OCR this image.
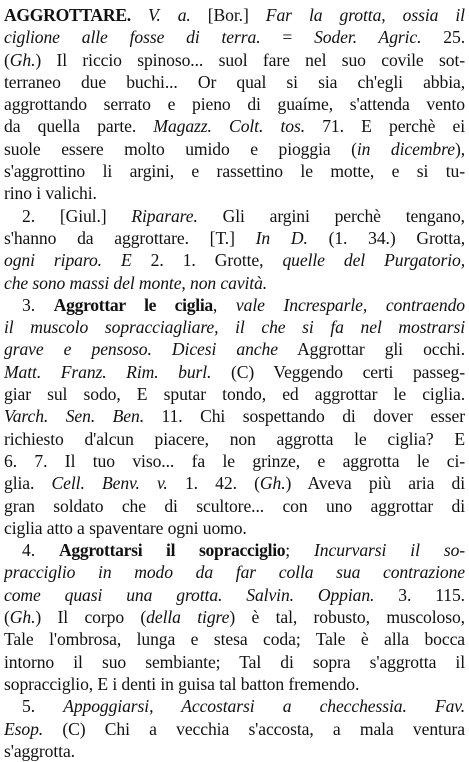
AGGROTTARE. V. a. [Bor.] Far la grotta, ossia il
ciglione alle fosse di terra. = Soder. Agric. 25.
(Gh.) Il riccio spinoso... suol fare nel suo covile sot-
terraneo due buchi... Or qual si sia ch'egli abbia,
aggrottando serrato e pieno di guaíme, s'attenda vento
da quella parte. Magazz. Colt. tos. 71. E perchè ei
suole essere molto umido e pioggia (in dicembre),
s'aggrottino li argini, e rassettino le motte, e si tu-
rino i valichi.
2. [Giul.] Riparare. Gli argini perchè tengano,
s'hanno da aggrottare. [T.] In D. (1. 34.) Grotta,
ogni riparo. E 2. 1. Grotte, quelle del Purgatorio,
che sono massi del monte, non cavità.
3. Aggrottar le ciglia, vale Incresparle, contraendo
il muscolo sopracciagliare, il che si fa nel mostrarsi
grave e pensoso. Dicesi anche Aggrottar gli occhi.
Matt. Franz. Rim. burl. (C) Veggendo certi passeg-
giar sul sodo, E sputar tondo, ed aggrottar le ciglia.
Varch. Sen. Ben. 11. Chi sospettando di dover esser
richiesto d'alcun piacere, non aggrotta le ciglia? E
6. 7. Il tuo viso... fa le grinze, e aggrotta le ci-
glia. Cell. Benv. v. 1. 42. (Gh.) Aveva più aria di
gran soldato che di scultore... con uno aggrottar di
ciglia atto a spaventare ogni uomo.
4. Aggrottarsi il sopracciglio; Incurvarsi il so-
pracciglio in modo da far colla sua contrazione
come quasi una grotta. Salvin. Oppian. 3. 115.
(Gh.) Il corpo (della tigre) è tal, robusto, muscoloso,
Tale l'ombrosa, lunga e stesa coda; Tale è alla bocca
intorno il suo sembiante; Tal di sopra s'aggrotta il
sopracciglio, E i denti in guisa tal batton fremendo.
5. Appoggiarsi, Accostarsi a checchessia. Fav.
Esop. (C) Chi a vecchia s'accosta, a mala ventura
s'aggrotta.
